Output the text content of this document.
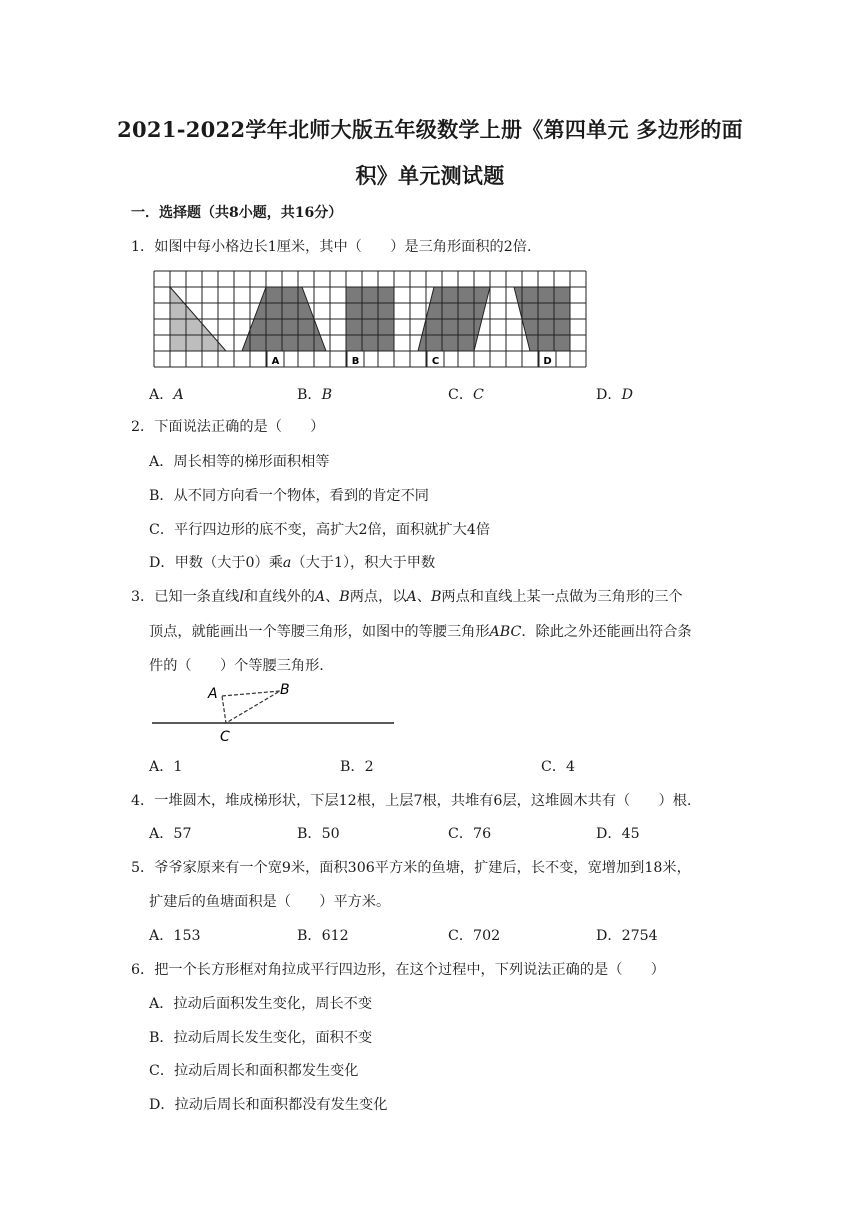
2021-2022学年北师大版五年级数学上册《第四单元 多边形的面
积》单元测试题
一．选择题（共8小题，共16分）
1．如图中每小格边长1厘米，其中（　　）是三角形面积的2倍.
A	B	C	D
A．A	B．B	C．C	D．D
2．下面说法正确的是（　　）
A．周长相等的梯形面积相等
B．从不同方向看一个物体，看到的肯定不同
C．平行四边形的底不变，高扩大2倍，面积就扩大4倍
D．甲数（大于0）乘a（大于1），积大于甲数
3．已知一条直线l和直线外的A、B两点，以A、B两点和直线上某一点做为三角形的三个
顶点，就能画出一个等腰三角形，如图中的等腰三角形ABC．除此之外还能画出符合条
件的（　　）个等腰三角形.
A	B
C
A．1	B．2	C．4
4．一堆圆木，堆成梯形状，下层12根，上层7根，共堆有6层，这堆圆木共有（　　）根.
A．57	B．50	C．76	D．45
5．爷爷家原来有一个宽9米，面积306平方米的鱼塘，扩建后，长不变，宽增加到18米，
扩建后的鱼塘面积是（　　）平方米。
A．153	B．612	C．702	D．2754
6．把一个长方形框对角拉成平行四边形，在这个过程中，下列说法正确的是（　　）
A．拉动后面积发生变化，周长不变
B．拉动后周长发生变化，面积不变
C．拉动后周长和面积都发生变化
D．拉动后周长和面积都没有发生变化
